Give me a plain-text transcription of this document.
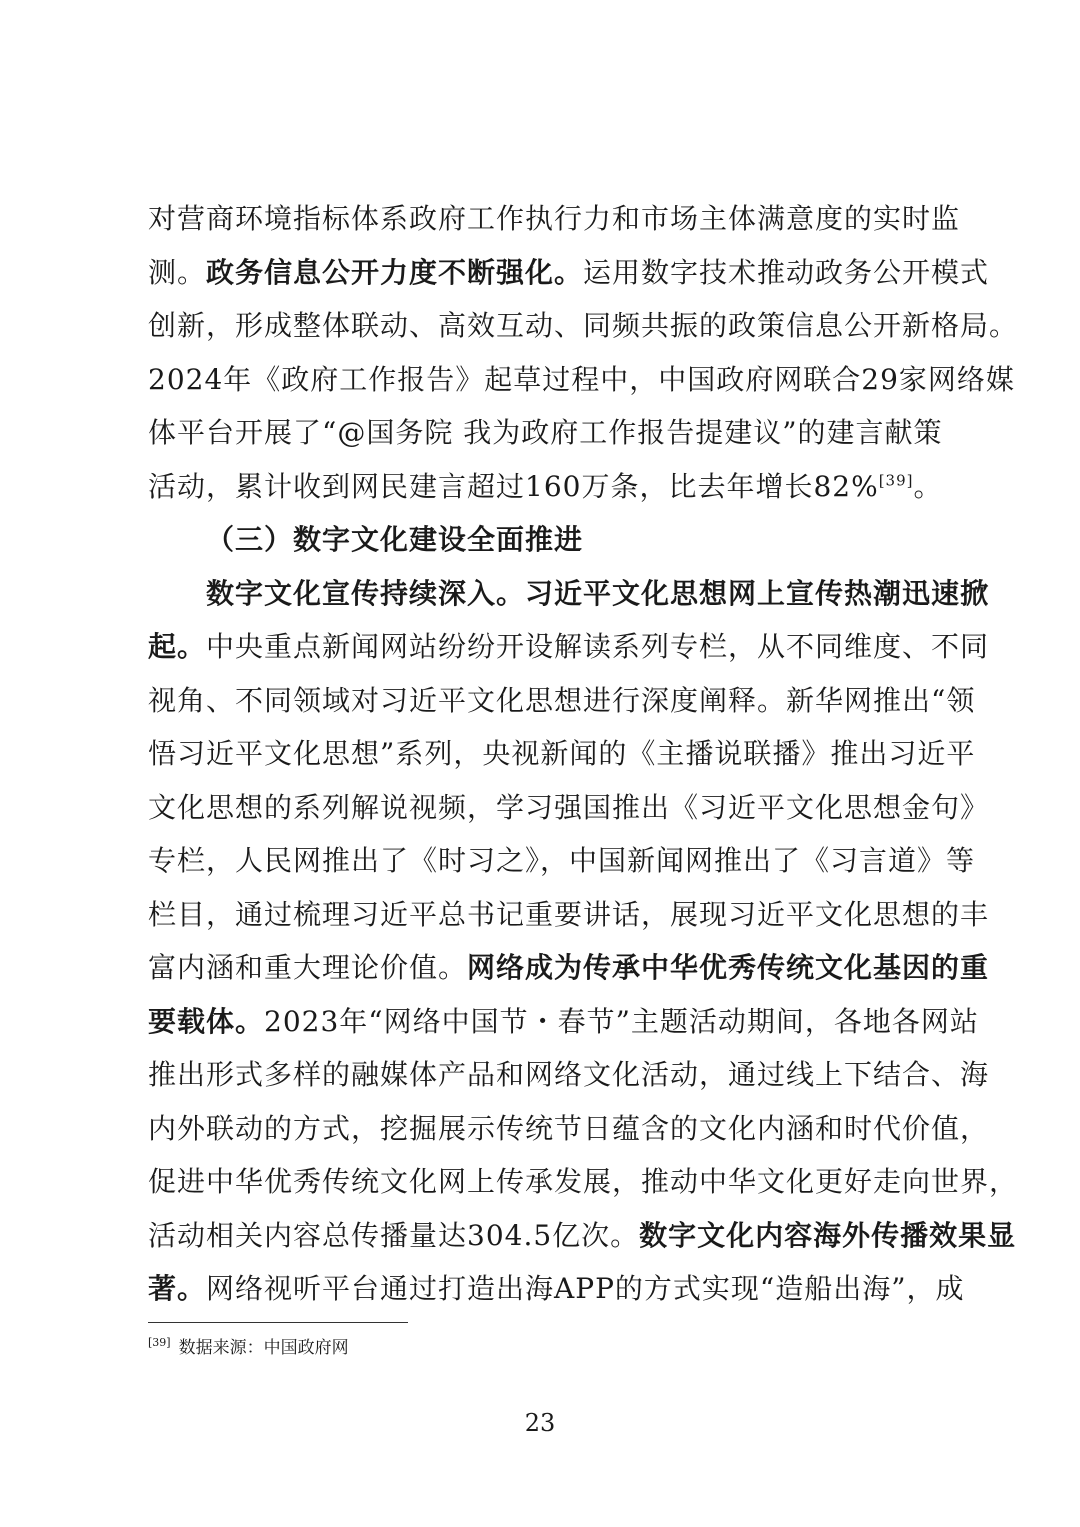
对营商环境指标体系政府工作执行力和市场主体满意度的实时监
测。政务信息公开力度不断强化。运用数字技术推动政务公开模式
创新，形成整体联动、高效互动、同频共振的政策信息公开新格局。
2024年《政府工作报告》起草过程中，中国政府网联合29家网络媒
体平台开展了“@国务院 我为政府工作报告提建议”的建言献策
活动，累计收到网民建言超过160万条，比去年增长82%[39]。
（三）数字文化建设全面推进
数字文化宣传持续深入。习近平文化思想网上宣传热潮迅速掀
起。中央重点新闻网站纷纷开设解读系列专栏，从不同维度、不同
视角、不同领域对习近平文化思想进行深度阐释。新华网推出“领
悟习近平文化思想”系列，央视新闻的《主播说联播》推出习近平
文化思想的系列解说视频，学习强国推出《习近平文化思想金句》
专栏，人民网推出了《时习之》，中国新闻网推出了《习言道》等
栏目，通过梳理习近平总书记重要讲话，展现习近平文化思想的丰
富内涵和重大理论价值。网络成为传承中华优秀传统文化基因的重
要载体。2023年“网络中国节・春节”主题活动期间，各地各网站
推出形式多样的融媒体产品和网络文化活动，通过线上下结合、海
内外联动的方式，挖掘展示传统节日蕴含的文化内涵和时代价值，
促进中华优秀传统文化网上传承发展，推动中华文化更好走向世界，
活动相关内容总传播量达304.5亿次。数字文化内容海外传播效果显
著。网络视听平台通过打造出海APP的方式实现“造船出海”，成
[39] 数据来源：中国政府网
23
